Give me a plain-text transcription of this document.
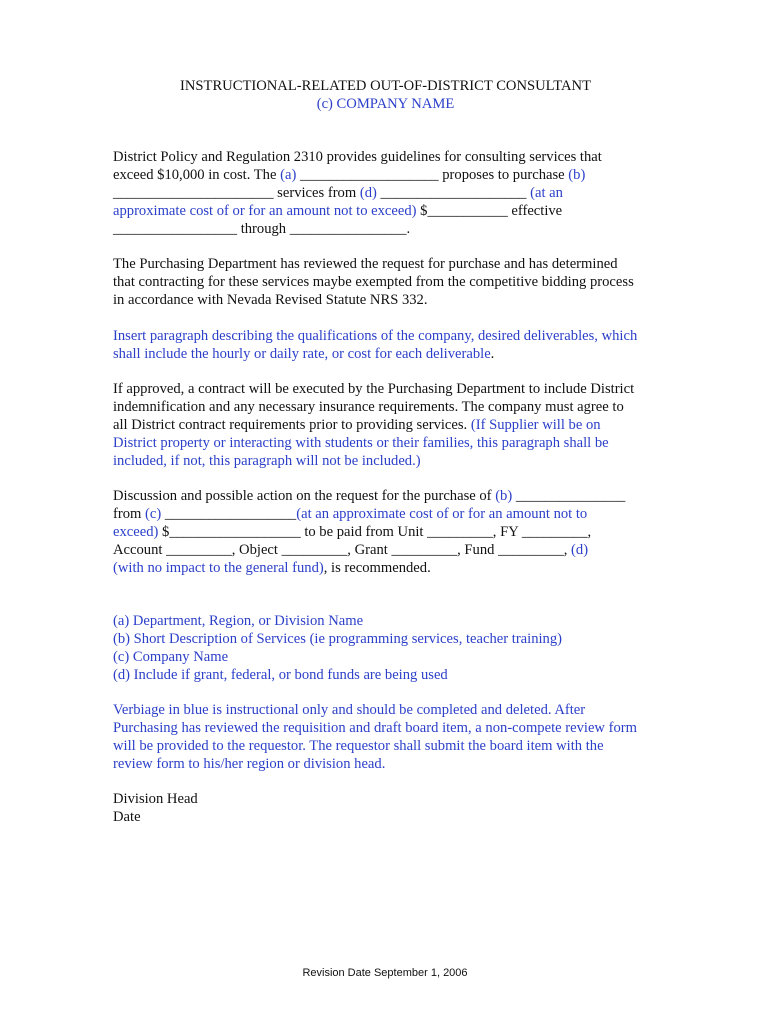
INSTRUCTIONAL-RELATED OUT-OF-DISTRICT CONSULTANT
(c) COMPANY NAME
District Policy and Regulation 2310 provides guidelines for consulting services that
exceed $10,000 in cost. The (a) ___________________ proposes to purchase (b)
______________________ services from (d) ____________________ (at an
approximate cost of or for an amount not to exceed) $___________ effective
_________________ through ________________.
The Purchasing Department has reviewed the request for purchase and has determined
that contracting for these services maybe exempted from the competitive bidding process
in accordance with Nevada Revised Statute NRS 332.
Insert paragraph describing the qualifications of the company, desired deliverables, which
shall include the hourly or daily rate, or cost for each deliverable.
If approved, a contract will be executed by the Purchasing Department to include District
indemnification and any necessary insurance requirements. The company must agree to
all District contract requirements prior to providing services. (If Supplier will be on
District property or interacting with students or their families, this paragraph shall be
included, if not, this paragraph will not be included.)
Discussion and possible action on the request for the purchase of (b) _______________
from (c) __________________(at an approximate cost of or for an amount not to
exceed) $__________________ to be paid from Unit _________, FY _________,
Account _________, Object _________, Grant _________, Fund _________, (d)
(with no impact to the general fund), is recommended.
(a) Department, Region, or Division Name
(b) Short Description of Services (ie programming services, teacher training)
(c) Company Name
(d) Include if grant, federal, or bond funds are being used
Verbiage in blue is instructional only and should be completed and deleted. After
Purchasing has reviewed the requisition and draft board item, a non-compete review form
will be provided to the requestor. The requestor shall submit the board item with the
review form to his/her region or division head.
Division Head
Date
Revision Date September 1, 2006
